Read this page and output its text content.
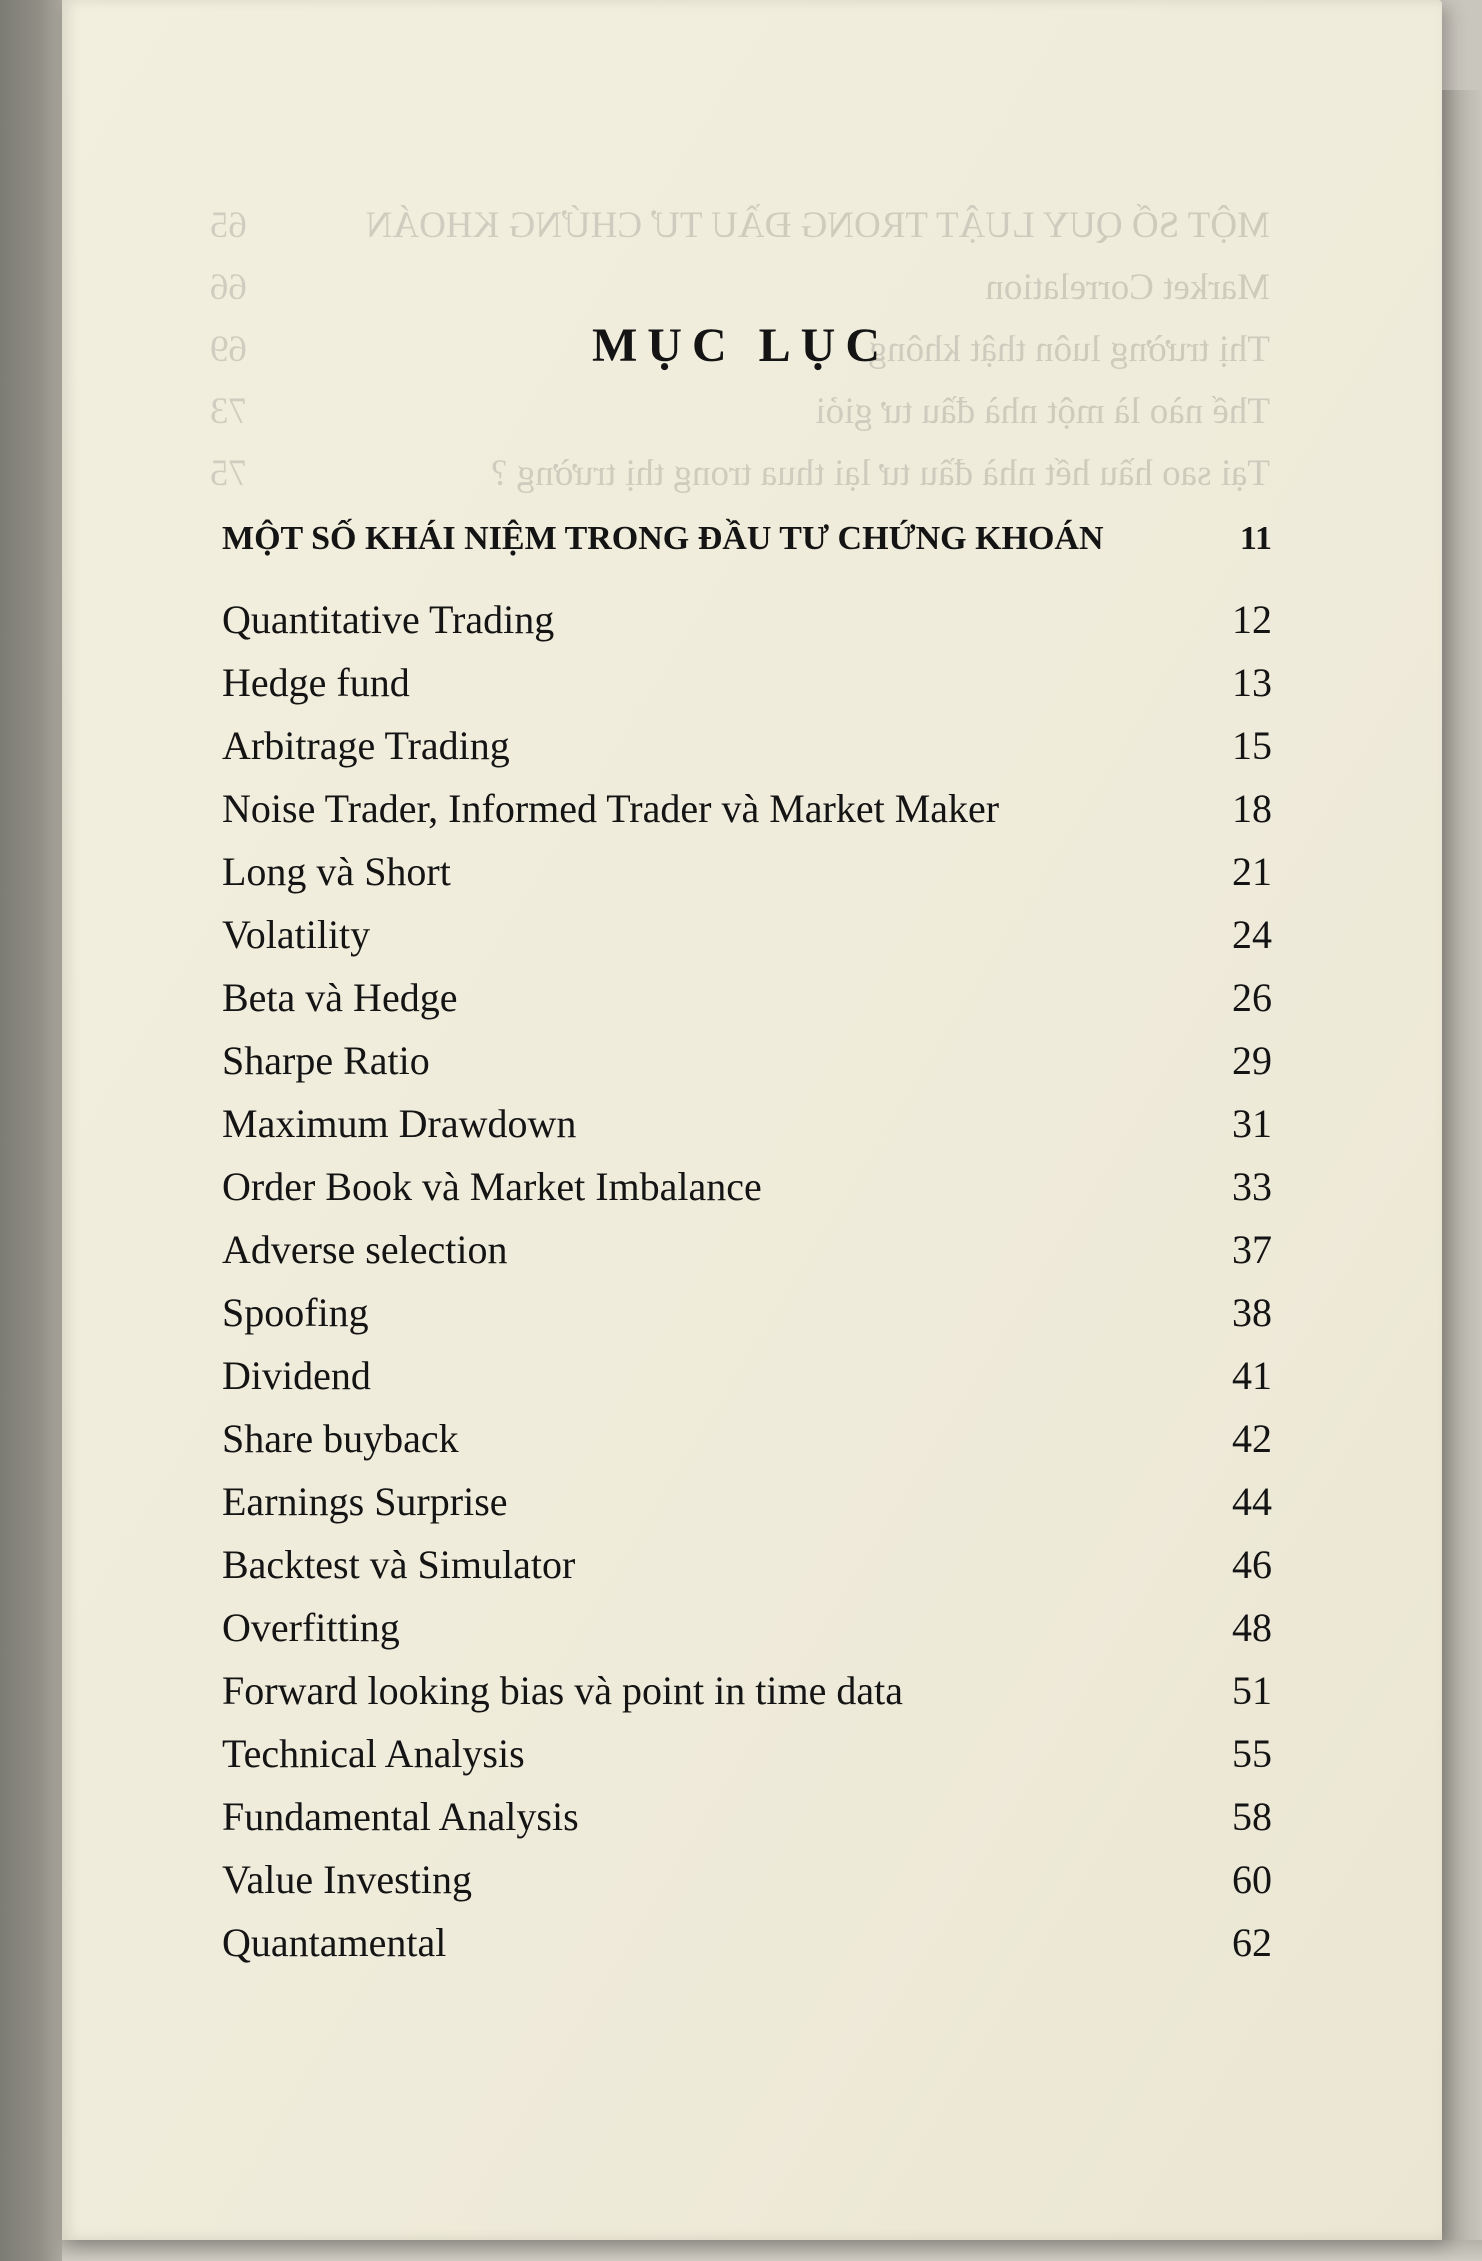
MỤC LỤC
MỘT SỐ KHÁI NIỆM TRONG ĐẦU TƯ CHỨNG KHOÁN	11
Quantitative Trading	12
Hedge fund	13
Arbitrage Trading	15
Noise Trader, Informed Trader và Market Maker	18
Long và Short	21
Volatility	24
Beta và Hedge	26
Sharpe Ratio	29
Maximum Drawdown	31
Order Book và Market Imbalance	33
Adverse selection	37
Spoofing	38
Dividend	41
Share buyback	42
Earnings Surprise	44
Backtest và Simulator	46
Overfitting	48
Forward looking bias và point in time data	51
Technical Analysis	55
Fundamental Analysis	58
Value Investing	60
Quantamental	62
